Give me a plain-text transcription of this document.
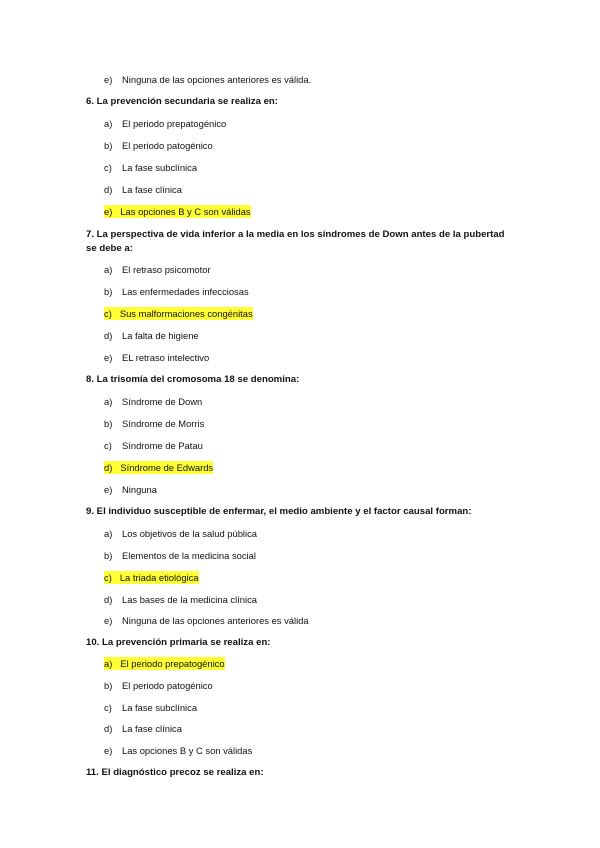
e) Ninguna de las opciones anteriores es válida.
6. La prevención secundaria se realiza en:
a) El periodo prepatogénico
b) El periodo patogénico
c) La fase subclínica
d) La fase clínica
e) Las opciones B y C son válidas
7. La perspectiva de vida inferior a la media en los síndromes de Down antes de la pubertad se debe a:
a) El retraso psicomotor
b) Las enfermedades infecciosas
c) Sus malformaciones congénitas
d) La falta de higiene
e) EL retraso intelectivo
8. La trisomía del cromosoma 18 se denomina:
a) Síndrome de Down
b) Síndrome de Morris
c) Síndrome de Patau
d) Síndrome de Edwards
e) Ninguna
9. El individuo susceptible de enfermar, el medio ambiente y el factor causal forman:
a) Los objetivos de la salud pública
b) Elementos de la medicina social
c) La triada etiológica
d) Las bases de la medicina clínica
e) Ninguna de las opciones anteriores es válida
10. La prevención primaria se realiza en:
a) El periodo prepatogénico
b) El periodo patogénico
c) La fase subclínica
d) La fase clínica
e) Las opciones B y C son válidas
11. El diagnóstico precoz se realiza en:
